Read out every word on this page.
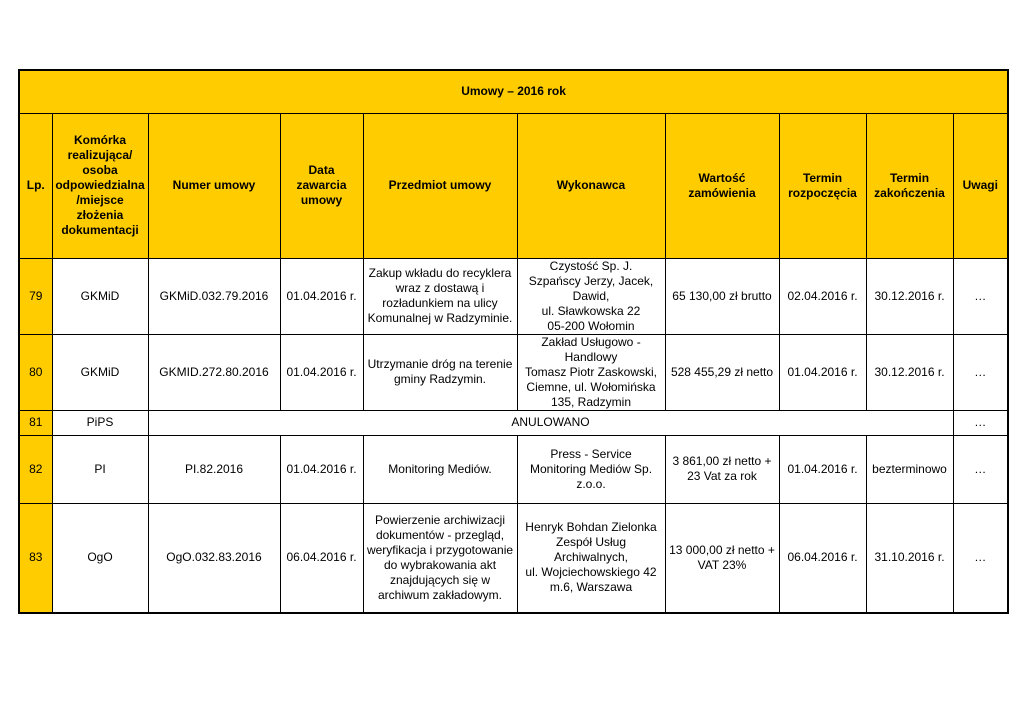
Umowy – 2016 rok									
Lp.	Komórka realizująca/ osoba odpowiedzialna /miejsce złożenia dokumentacji	Numer umowy	Data zawarcia umowy	Przedmiot umowy	Wykonawca	Wartość zamówienia	Termin rozpoczęcia	Termin zakończenia	Uwagi
79	GKMiD	GKMiD.032.79.2016	01.04.2016 r.	Zakup wkładu do recyklera wraz z dostawą i rozładunkiem na ulicy Komunalnej w Radzyminie.	Czystość Sp. J.
Szpańscy Jerzy, Jacek, Dawid,
ul. Sławkowska 22
05-200 Wołomin	65 130,00 zł brutto	02.04.2016 r.	30.12.2016 r.	…
80	GKMiD	GKMID.272.80.2016	01.04.2016 r.	Utrzymanie dróg na terenie gminy Radzymin.	Zakład Usługowo - Handlowy
Tomasz Piotr Zaskowski,
Ciemne, ul. Wołomińska 135, Radzymin	528 455,29 zł netto	01.04.2016 r.	30.12.2016 r.	…
81	PiPS	ANULOWANO							…
82	PI	PI.82.2016	01.04.2016 r.	Monitoring Mediów.	Press - Service
Monitoring Mediów Sp. z.o.o.	3 861,00 zł netto +
23 Vat za rok	01.04.2016 r.	bezterminowo	…
83	OgO	OgO.032.83.2016	06.04.2016 r.	Powierzenie archiwizacji dokumentów - przegląd, weryfikacja i przygotowanie do wybrakowania akt znajdujących się w archiwum zakładowym.	Henryk Bohdan Zielonka
Zespół Usług Archiwalnych,
ul. Wojciechowskiego 42
m.6, Warszawa	13 000,00 zł netto +
VAT 23%	06.04.2016 r.	31.10.2016 r.	…
